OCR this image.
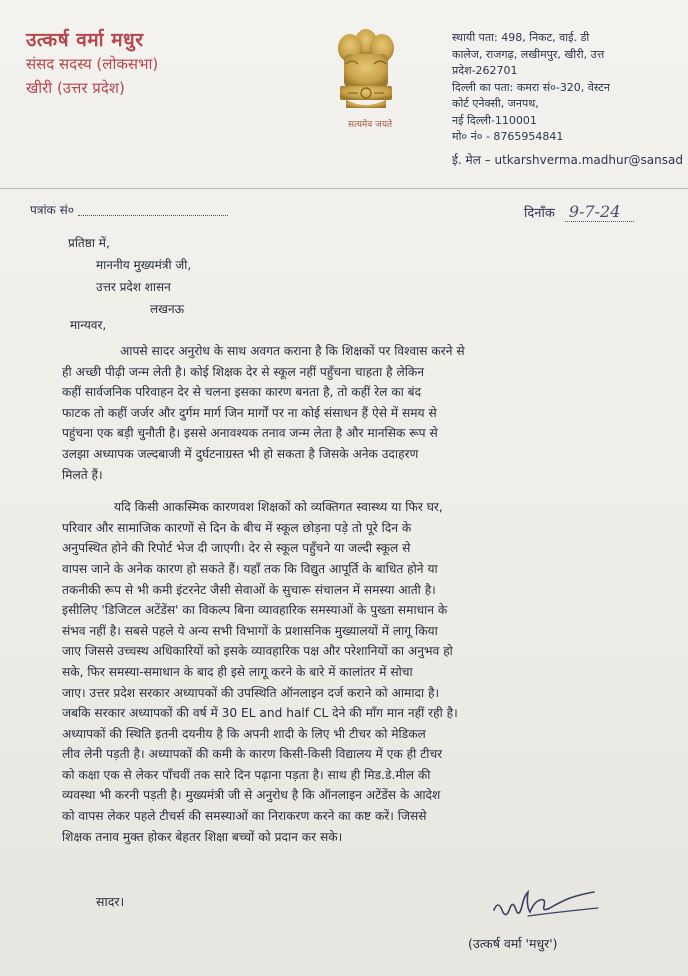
उत्कर्ष वर्मा मधुर
संसद सदस्य (लोकसभा)
खीरी (उत्तर प्रदेश)
सत्यमेव जयते
स्थायी पता: 498, निकट, वाई. डी
कालेज, राजगढ़, लखीमपुर, खीरी, उत्त
प्रदेश-262701
दिल्ली का पता: कमरा सं०-320, वेस्टन
कोर्ट एनेक्सी, जनपथ,
नई दिल्ली-110001
मो० नं० - 8765954841
ई. मेल – utkarshverma.madhur@sansad
पत्रांक सं०	दिनाँक 9-7-24
प्रतिष्ठा में,
माननीय मुख्यमंत्री जी,
उत्तर प्रदेश शासन
लखनऊ
मान्यवर,
आपसे सादर अनुरोध के साथ अवगत कराना है कि शिक्षकों पर विश्वास करने से
ही अच्छी पीढ़ी जन्म लेती है। कोई शिक्षक देर से स्कूल नहीं पहुँचना चाहता है लेकिन
कहीं सार्वजनिक परिवाहन देर से चलना इसका कारण बनता है, तो कहीं रेल का बंद
फाटक तो कहीं जर्जर और दुर्गम मार्ग जिन मार्गों पर ना कोई संसाधन हैं ऐसे में समय से
पहुंचना एक बड़ी चुनौती है। इससे अनावश्यक तनाव जन्म लेता है और मानसिक रूप से
उलझा अध्यापक जल्दबाजी में दुर्घटनाग्रस्त भी हो सकता है जिसके अनेक उदाहरण
मिलते हैं।
यदि किसी आकस्मिक कारणवश शिक्षकों को व्यक्तिगत स्वास्थ्य या फिर घर,
परिवार और सामाजिक कारणों से दिन के बीच में स्कूल छोड़ना पड़े तो पूरे दिन के
अनुपस्थित होने की रिपोर्ट भेज दी जाएगी। देर से स्कूल पहुँचने या जल्दी स्कूल से
वापस जाने के अनेक कारण हो सकते हैं। यहाँ तक कि विद्युत आपूर्ति के बाधित होने या
तकनीकी रूप से भी कमी इंटरनेट जैसी सेवाओं के सुचारू संचालन में समस्या आती है।
इसीलिए 'डिजिटल अटेंडेंस' का विकल्प बिना व्यावहारिक समस्याओं के पुख्ता समाधान के
संभव नहीं है। सबसे पहले ये अन्य सभी विभागों के प्रशासनिक मुख्यालयों में लागू किया
जाए जिससे उच्चस्थ अधिकारियों को इसके व्यावहारिक पक्ष और परेशानियों का अनुभव हो
सके, फिर समस्या-समाधान के बाद ही इसे लागू करने के बारे में कालांतर में सोचा
जाए। उत्तर प्रदेश सरकार अध्यापकों की उपस्थिति ऑनलाइन दर्ज कराने को आमादा है।
जबकि सरकार अध्यापकों की वर्ष में 30 EL and half CL देने की माँग मान नहीं रही है।
अध्यापकों की स्थिति इतनी दयनीय है कि अपनी शादी के लिए भी टीचर को मेडिकल
लीव लेनी पड़ती है। अध्यापकों की कमी के कारण किसी-किसी विद्यालय में एक ही टीचर
को कक्षा एक से लेकर पाँचवीं तक सारे दिन पढ़ाना पड़ता है। साथ ही मिड.डे.मील की
व्यवस्था भी करनी पड़ती है। मुख्यमंत्री जी से अनुरोध है कि ऑनलाइन अटेंडेंस के आदेश
को वापस लेकर पहले टीचर्स की समस्याओं का निराकरण करने का कष्ट करें। जिससे
शिक्षक तनाव मुक्त होकर बेहतर शिक्षा बच्चों को प्रदान कर सके।
सादर।
(उत्कर्ष वर्मा 'मधुर')
